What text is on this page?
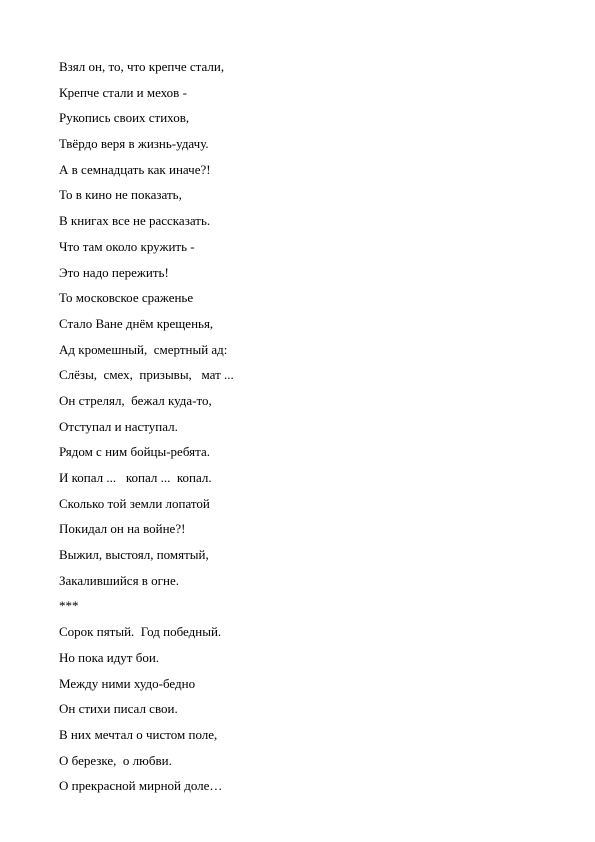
Взял он, то, что крепче стали,
Крепче стали и мехов -
Рукопись своих стихов,
Твёрдо веря в жизнь-удачу.
А в семнадцать как иначе?!
То в кино не показать,
В книгах все не рассказать.
Что там около кружить -
Это надо пережить!
То московское сраженье
Стало Ване днём крещенья,
Ад кромешный,  смертный ад:
Слёзы,  смех,  призывы,   мат ...
Он стрелял,  бежал куда-то,
Отступал и наступал.
Рядом с ним бойцы-ребята.
И копал ...   копал ...  копал.
Сколько той земли лопатой
Покидал он на войне?!
Выжил, выстоял, помятый,
Закалившийся в огне.
***
Сорок пятый.  Год победный.
Но пока идут бои.
Между ними худо-бедно
Он стихи писал свои.
В них мечтал о чистом поле,
О березке,  о любви.
О прекрасной мирной доле…
